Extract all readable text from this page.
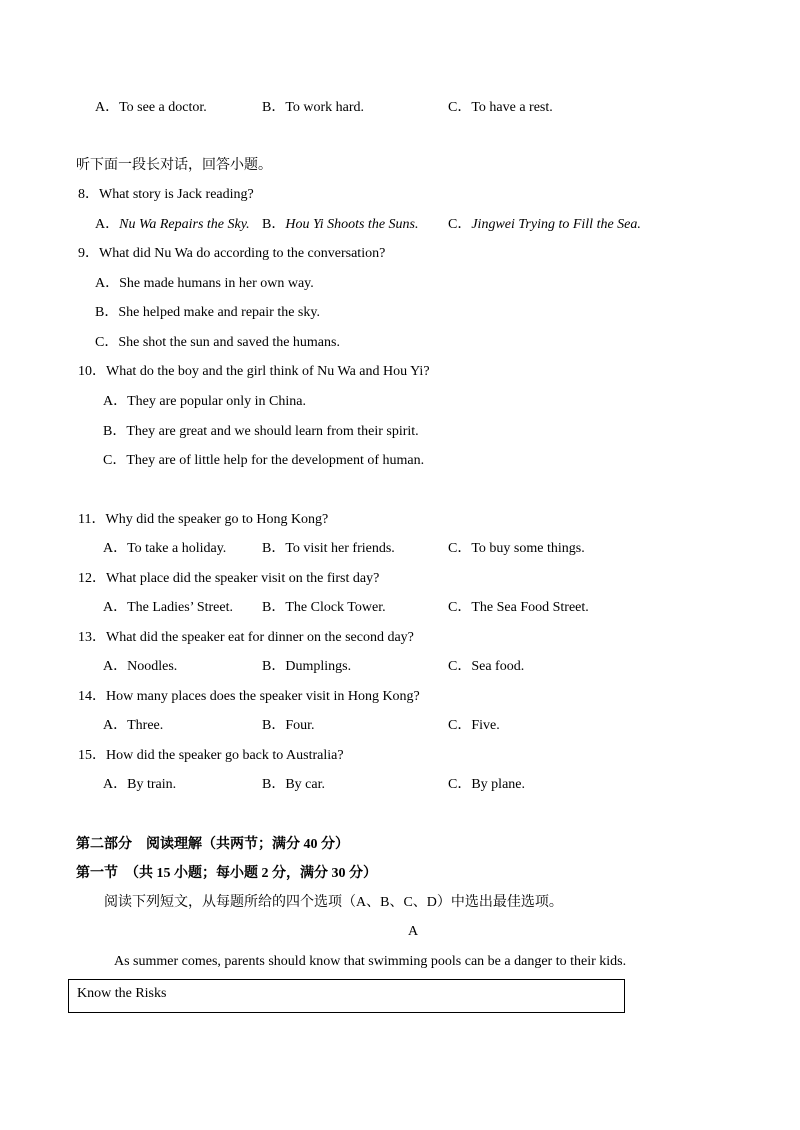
A．To see a doctor.	B．To work hard.	C．To have a rest.
听下面一段长对话，回答小题。
8．What story is Jack reading?
A．Nu Wa Repairs the Sky. B．Hou Yi Shoots the Suns. C．Jingwei Trying to Fill the Sea.
9．What did Nu Wa do according to the conversation?
A．She made humans in her own way.
B．She helped make and repair the sky.
C．She shot the sun and saved the humans.
10．What do the boy and the girl think of Nu Wa and Hou Yi?
A．They are popular only in China.
B．They are great and we should learn from their spirit.
C．They are of little help for the development of human.
11．Why did the speaker go to Hong Kong?
A．To take a holiday.	B．To visit her friends.	C．To buy some things.
12．What place did the speaker visit on the first day?
A．The Ladies’ Street. B．The Clock Tower.	C．The Sea Food Street.
13．What did the speaker eat for dinner on the second day?
A．Noodles.	B．Dumplings.	C．Sea food.
14．How many places does the speaker visit in Hong Kong?
A．Three.	B．Four.	C．Five.
15．How did the speaker go back to Australia?
A．By train.	B．By car.	C．By plane.
第二部分　阅读理解（共两节；满分 40 分）
第一节　（共 15 小题；每小题 2 分，满分 30 分）
阅读下列短文，从每题所给的四个选项（A、B、C、D）中选出最佳选项。
A
As summer comes, parents should know that swimming pools can be a danger to their kids.
Know the Risks
